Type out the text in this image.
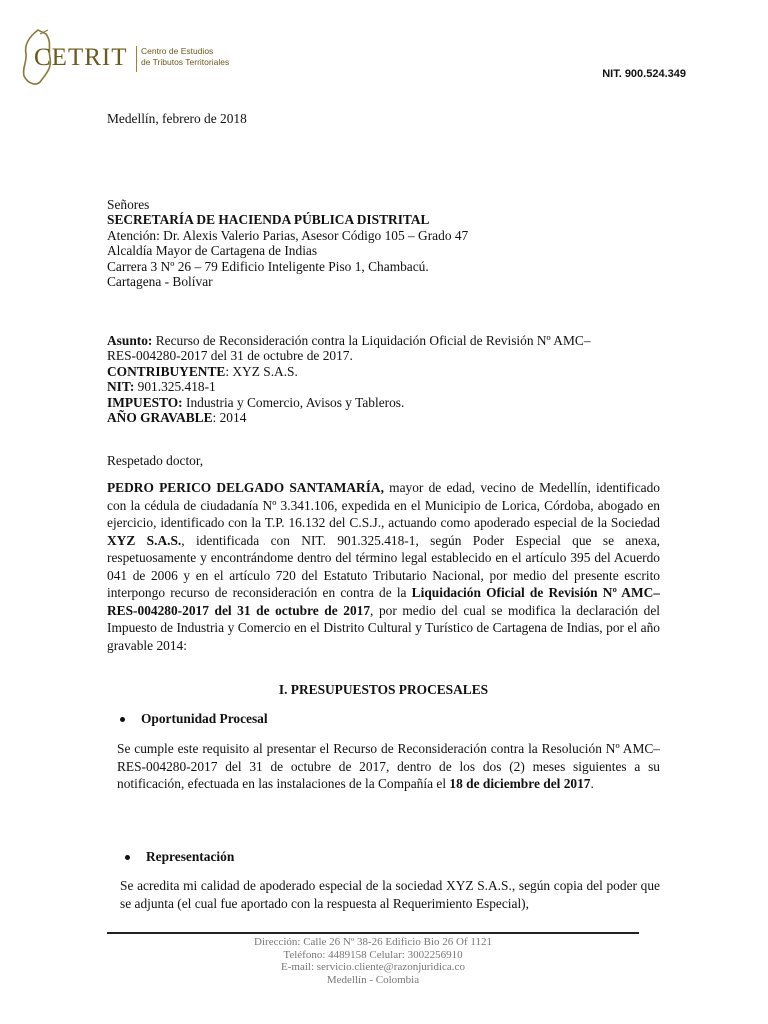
CETRIT Centro de Estudios
de Tributos Territoriales
NIT. 900.524.349
Medellín, febrero de 2018
Señores
SECRETARÍA DE HACIENDA PÚBLICA DISTRITAL
Atención: Dr. Alexis Valerio Parias, Asesor Código 105 – Grado 47
Alcaldía Mayor de Cartagena de Indias
Carrera 3 Nº 26 – 79 Edificio Inteligente Piso 1, Chambacú.
Cartagena - Bolívar
Asunto: Recurso de Reconsideración contra la Liquidación Oficial de Revisión Nº AMC–
RES-004280-2017 del 31 de octubre de 2017.
CONTRIBUYENTE: XYZ S.A.S.
NIT: 901.325.418-1
IMPUESTO: Industria y Comercio, Avisos y Tableros.
AÑO GRAVABLE: 2014
Respetado doctor,
PEDRO PERICO DELGADO SANTAMARÍA, mayor de edad, vecino de Medellín, identificado con la cédula de ciudadanía Nº 3.341.106, expedida en el Municipio de Lorica, Córdoba, abogado en ejercicio, identificado con la T.P. 16.132 del C.S.J., actuando como apoderado especial de la Sociedad XYZ S.A.S., identificada con NIT. 901.325.418-1, según Poder Especial que se anexa, respetuosamente y encontrándome dentro del término legal establecido en el artículo 395 del Acuerdo 041 de 2006 y en el artículo 720 del Estatuto Tributario Nacional, por medio del presente escrito interpongo recurso de reconsideración en contra de la Liquidación Oficial de Revisión Nº AMC–RES-004280-2017 del 31 de octubre de 2017, por medio del cual se modifica la declaración del Impuesto de Industria y Comercio en el Distrito Cultural y Turístico de Cartagena de Indias, por el año gravable 2014:
I. PRESUPUESTOS PROCESALES
Oportunidad Procesal
Se cumple este requisito al presentar el Recurso de Reconsideración contra la Resolución Nº AMC–RES-004280-2017 del 31 de octubre de 2017, dentro de los dos (2) meses siguientes a su notificación, efectuada en las instalaciones de la Compañía el 18 de diciembre del 2017.
Representación
Se acredita mi calidad de apoderado especial de la sociedad XYZ S.A.S., según copia del poder que se adjunta (el cual fue aportado con la respuesta al Requerimiento Especial),
Dirección: Calle 26 Nº 38-26 Edificio Bio 26 Of 1121
Teléfono: 4489158 Celular: 3002256910
E-mail: servicio.cliente@razonjuridica.co
Medellín - Colombia
